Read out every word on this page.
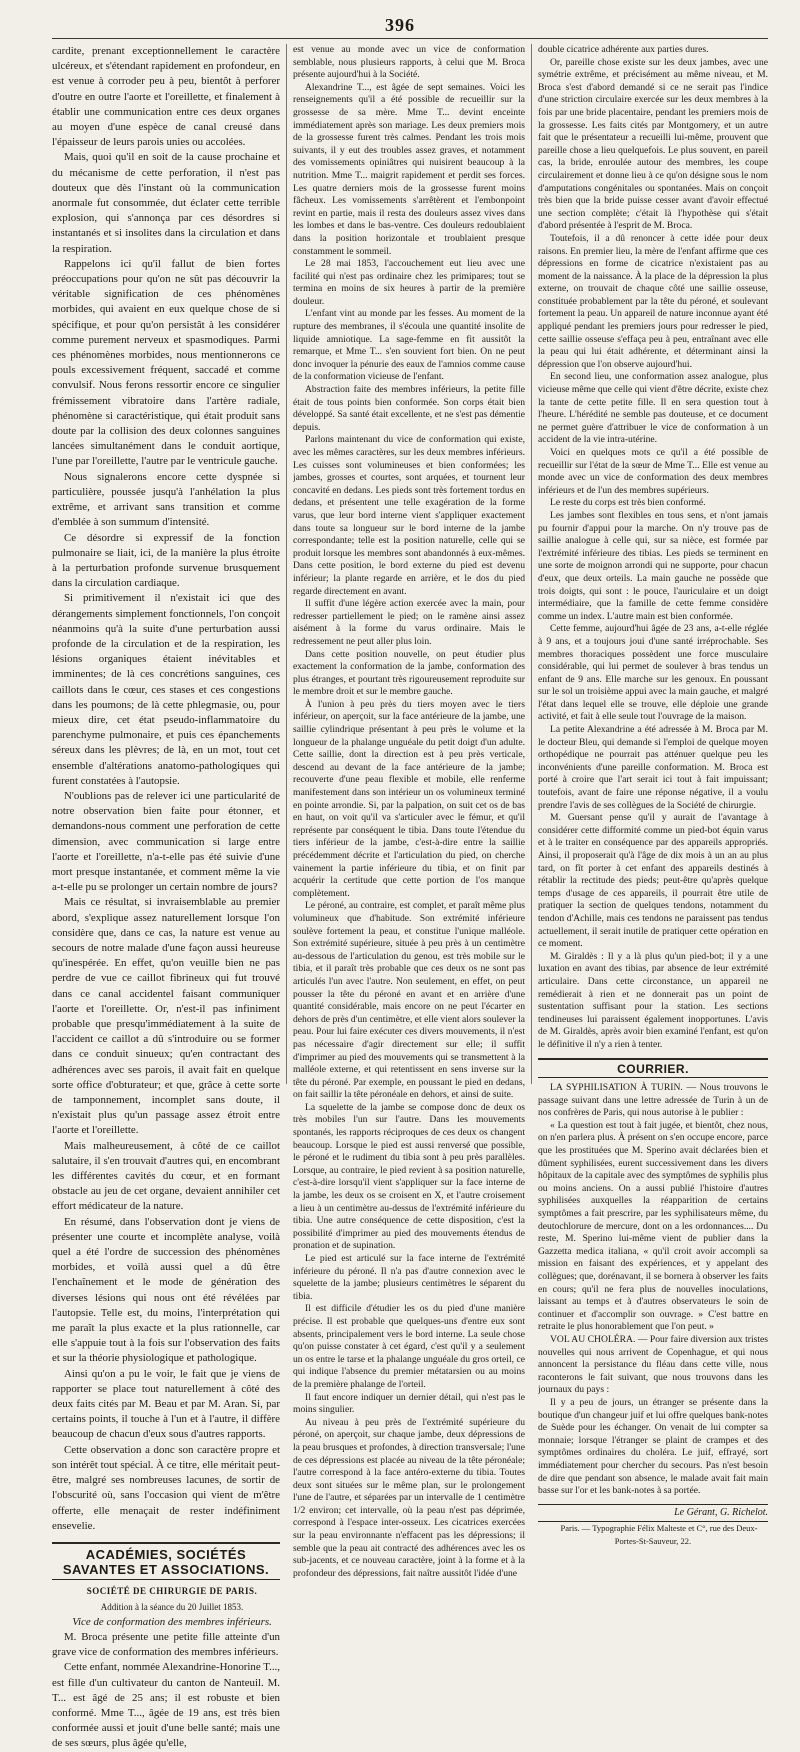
396

cardite, prenant exceptionnellement le caractère ulcéreux, et s'étendant rapidement en profondeur, en est venue à corroder peu à peu, bientôt à perforer d'outre en outre l'aorte et l'oreillette, et finalement à établir une communication entre ces deux organes au moyen d'une espèce de canal creusé dans l'épaisseur de leurs parois unies ou accolées.

Mais, quoi qu'il en soit de la cause prochaine et du mécanisme de cette perforation, il n'est pas douteux que dès l'instant où la communication anormale fut consommée, dut éclater cette terrible explosion, qui s'annonça par ces désordres si instantanés et si insolites dans la circulation et dans la respiration.

Rappelons ici qu'il fallut de bien fortes préoccupations pour qu'on ne sût pas découvrir la véritable signification de ces phénomènes morbides, qui avaient en eux quelque chose de si spécifique, et pour qu'on persistât à les considérer comme purement nerveux et spasmodiques. Parmi ces phénomènes morbides, nous mentionnerons ce pouls excessivement fréquent, saccadé et comme convulsif. Nous ferons ressortir encore ce singulier frémissement vibratoire dans l'artère radiale, phénomène si caractéristique, qui était produit sans doute par la collision des deux colonnes sanguines lancées simultanément dans le conduit aortique, l'une par l'oreillette, l'autre par le ventricule gauche.

Nous signalerons encore cette dyspnée si particulière, poussée jusqu'à l'anhélation la plus extrême, et arrivant sans transition et comme d'emblée à son summum d'intensité.

Ce désordre si expressif de la fonction pulmonaire se liait, ici, de la manière la plus étroite à la perturbation profonde survenue brusquement dans la circulation cardiaque.

Si primitivement il n'existait ici que des dérangements simplement fonctionnels, l'on conçoit néanmoins qu'à la suite d'une perturbation aussi profonde de la circulation et de la respiration, les lésions organiques étaient inévitables et imminentes; de là ces concrétions sanguines, ces caillots dans le cœur, ces stases et ces congestions dans les poumons; de là cette phlegmasie, ou, pour mieux dire, cet état pseudo-inflammatoire du parenchyme pulmonaire, et puis ces épanchements séreux dans les plèvres; de là, en un mot, tout cet ensemble d'altérations anatomo-pathologiques qui furent constatées à l'autopsie.

N'oublions pas de relever ici une particularité de notre observation bien faite pour étonner, et demandons-nous comment une perforation de cette dimension, avec communication si large entre l'aorte et l'oreillette, n'a-t-elle pas été suivie d'une mort presque instantanée, et comment même la vie a-t-elle pu se prolonger un certain nombre de jours?

Mais ce résultat, si invraisemblable au premier abord, s'explique assez naturellement lorsque l'on considère que, dans ce cas, la nature est venue au secours de notre malade d'une façon aussi heureuse qu'inespérée. En effet, qu'on veuille bien ne pas perdre de vue ce caillot fibrineux qui fut trouvé dans ce canal accidentel faisant communiquer l'aorte et l'oreillette. Or, n'est-il pas infiniment probable que presqu'immédiatement à la suite de l'accident ce caillot a dû s'introduire ou se former dans ce conduit sinueux; qu'en contractant des adhérences avec ses parois, il avait fait en quelque sorte office d'obturateur; et que, grâce à cette sorte de tamponnement, incomplet sans doute, il n'existait plus qu'un passage assez étroit entre l'aorte et l'oreillette.

Mais malheureusement, à côté de ce caillot salutaire, il s'en trouvait d'autres qui, en encombrant les différentes cavités du cœur, et en formant obstacle au jeu de cet organe, devaient annihiler cet effort médicateur de la nature.

En résumé, dans l'observation dont je viens de présenter une courte et incomplète analyse, voilà quel a été l'ordre de succession des phénomènes morbides, et voilà aussi quel a dû être l'enchaînement et le mode de génération des diverses lésions qui nous ont été révélées par l'autopsie. Telle est, du moins, l'interprétation qui me paraît la plus exacte et la plus rationnelle, car elle s'appuie tout à la fois sur l'observation des faits et sur la théorie physiologique et pathologique.

Ainsi qu'on a pu le voir, le fait que je viens de rapporter se place tout naturellement à côté des deux faits cités par M. Beau et par M. Aran. Si, par certains points, il touche à l'un et à l'autre, il diffère beaucoup de chacun d'eux sous d'autres rapports.

Cette observation a donc son caractère propre et son intérêt tout spécial. À ce titre, elle méritait peut-être, malgré ses nombreuses lacunes, de sortir de l'obscurité où, sans l'occasion qui vient de m'être offerte, elle menaçait de rester indéfiniment ensevelie.

ACADÉMIES, SOCIÉTÉS SAVANTES ET ASSOCIATIONS.

SOCIÉTÉ DE CHIRURGIE DE PARIS.

Addition à la séance du 20 Juillet 1853.

Vice de conformation des membres inférieurs.

M. Broca présente une petite fille atteinte d'un grave vice de conformation des membres inférieurs.

Cette enfant, nommée Alexandrine-Honorine T..., est fille d'un cultivateur du canton de Nanteuil. M. T... est âgé de 25 ans; il est robuste et bien conformé. Mme T..., âgée de 19 ans, est très bien conformée aussi et jouit d'une belle santé; mais une de ses sœurs, plus âgée qu'elle,

est venue au monde avec un vice de conformation semblable, nous plusieurs rapports, à celui que M. Broca présente aujourd'hui à la Société.

Alexandrine T..., est âgée de sept semaines. Voici les renseignements qu'il a été possible de recueillir sur la grossesse de sa mère. Mme T... devint enceinte immédiatement après son mariage. Les deux premiers mois de la grossesse furent très calmes. Pendant les trois mois suivants, il y eut des troubles assez graves, et notamment des vomissements opiniâtres qui nuisirent beaucoup à la nutrition. Mme T... maigrit rapidement et perdit ses forces. Les quatre derniers mois de la grossesse furent moins fâcheux. Les vomissements s'arrêtèrent et l'embonpoint revint en partie, mais il resta des douleurs assez vives dans les lombes et dans le bas-ventre. Ces douleurs redoublaient dans la position horizontale et troublaient presque constamment le sommeil.

Le 28 mai 1853, l'accouchement eut lieu avec une facilité qui n'est pas ordinaire chez les primipares; tout se termina en moins de six heures à partir de la première douleur.

L'enfant vint au monde par les fesses. Au moment de la rupture des membranes, il s'écoula une quantité insolite de liquide amniotique. La sage-femme en fit aussitôt la remarque, et Mme T... s'en souvient fort bien. On ne peut donc invoquer la pénurie des eaux de l'amnios comme cause de la conformation vicieuse de l'enfant.

Abstraction faite des membres inférieurs, la petite fille était de tous points bien conformée. Son corps était bien développé. Sa santé était excellente, et ne s'est pas démentie depuis.

Parlons maintenant du vice de conformation qui existe, avec les mêmes caractères, sur les deux membres inférieurs. Les cuisses sont volumineuses et bien conformées; les jambes, grosses et courtes, sont arquées, et tournent leur concavité en dedans. Les pieds sont très fortement tordus en dedans, et présentent une telle exagération de la forme varus, que leur bord interne vient s'appliquer exactement dans toute sa longueur sur le bord interne de la jambe correspondante; telle est la position naturelle, celle qui se produit lorsque les membres sont abandonnés à eux-mêmes. Dans cette position, le bord externe du pied est devenu inférieur; la plante regarde en arrière, et le dos du pied regarde directement en avant.

Il suffit d'une légère action exercée avec la main, pour redresser partiellement le pied; on le ramène ainsi assez aisément à la forme du varus ordinaire. Mais le redressement ne peut aller plus loin.

Dans cette position nouvelle, on peut étudier plus exactement la conformation de la jambe, conformation des plus étranges, et pourtant très rigoureusement reproduite sur le membre droit et sur le membre gauche.

À l'union à peu près du tiers moyen avec le tiers inférieur, on aperçoit, sur la face antérieure de la jambe, une saillie cylindrique présentant à peu près le volume et la longueur de la phalange unguéale du petit doigt d'un adulte. Cette saillie, dont la direction est à peu près verticale, descend au devant de la face antérieure de la jambe; recouverte d'une peau flexible et mobile, elle renferme manifestement dans son intérieur un os volumineux terminé en pointe arrondie. Si, par la palpation, on suit cet os de bas en haut, on voit qu'il va s'articuler avec le fémur, et qu'il représente par conséquent le tibia. Dans toute l'étendue du tiers inférieur de la jambe, c'est-à-dire entre la saillie précédemment décrite et l'articulation du pied, on cherche vainement la partie inférieure du tibia, et on finit par acquérir la certitude que cette portion de l'os manque complètement.

Le péroné, au contraire, est complet, et paraît même plus volumineux que d'habitude. Son extrémité inférieure soulève fortement la peau, et constitue l'unique malléole. Son extrémité supérieure, située à peu près à un centimètre au-dessous de l'articulation du genou, est très mobile sur le tibia, et il paraît très probable que ces deux os ne sont pas articulés l'un avec l'autre. Non seulement, en effet, on peut pousser la tête du péroné en avant et en arrière d'une quantité considérable, mais encore on ne peut l'écarter en dehors de près d'un centimètre, et elle vient alors soulever la peau. Pour lui faire exécuter ces divers mouvements, il n'est pas nécessaire d'agir directement sur elle; il suffit d'imprimer au pied des mouvements qui se transmettent à la malléole externe, et qui retentissent en sens inverse sur la tête du péroné. Par exemple, en poussant le pied en dedans, on fait saillir la tête péronéale en dehors, et ainsi de suite.

La squelette de la jambe se compose donc de deux os très mobiles l'un sur l'autre. Dans les mouvements spontanés, les rapports réciproques de ces deux os changent beaucoup. Lorsque le pied est aussi renversé que possible, le péroné et le rudiment du tibia sont à peu près parallèles. Lorsque, au contraire, le pied revient à sa position naturelle, c'est-à-dire lorsqu'il vient s'appliquer sur la face interne de la jambe, les deux os se croisent en X, et l'autre croisement a lieu à un centimètre au-dessus de l'extrémité inférieure du tibia. Une autre conséquence de cette disposition, c'est la possibilité d'imprimer au pied des mouvements étendus de pronation et de supination.

Le pied est articulé sur la face interne de l'extrémité inférieure du péroné. Il n'a pas d'autre connexion avec le squelette de la jambe; plusieurs centimètres le séparent du tibia.

Il est difficile d'étudier les os du pied d'une manière précise. Il est probable que quelques-uns d'entre eux sont absents, principalement vers le bord interne. La seule chose qu'on puisse constater à cet égard, c'est qu'il y a seulement un os entre le tarse et la phalange unguéale du gros orteil, ce qui indique l'absence du premier métatarsien ou au moins de la première phalange de l'orteil.

Il faut encore indiquer un dernier détail, qui n'est pas le moins singulier.

Au niveau à peu près de l'extrémité supérieure du péroné, on aperçoit, sur chaque jambe, deux dépressions de la peau brusques et profondes, à direction transversale; l'une de ces dépressions est placée au niveau de la tête péronéale; l'autre correspond à la face antéro-externe du tibia. Toutes deux sont situées sur le même plan, sur le prolongement l'une de l'autre, et séparées par un intervalle de 1 centimètre 1/2 environ; cet intervalle, où la peau n'est pas déprimée, correspond à l'espace inter-osseux. Les cicatrices exercées sur la peau environnante n'effacent pas les dépressions; il semble que la peau ait contracté des adhérences avec les os sub-jacents, et ce nouveau caractère, joint à la forme et à la profondeur des dépressions, fait naître aussitôt l'idée d'une

double cicatrice adhérente aux parties dures.

Or, pareille chose existe sur les deux jambes, avec une symétrie extrême, et précisément au même niveau, et M. Broca s'est d'abord demandé si ce ne serait pas l'indice d'une striction circulaire exercée sur les deux membres à la fois par une bride placentaire, pendant les premiers mois de la grossesse. Les faits cités par Montgomery, et un autre fait que le présentateur a recueilli lui-même, prouvent que pareille chose a lieu quelquefois. Le plus souvent, en pareil cas, la bride, enroulée autour des membres, les coupe circulairement et donne lieu à ce qu'on désigne sous le nom d'amputations congénitales ou spontanées. Mais on conçoit très bien que la bride puisse cesser avant d'avoir effectué une section complète; c'était là l'hypothèse qui s'était d'abord présentée à l'esprit de M. Broca.

Toutefois, il a dû renoncer à cette idée pour deux raisons. En premier lieu, la mère de l'enfant affirme que ces dépressions en forme de cicatrice n'existaient pas au moment de la naissance. À la place de la dépression la plus externe, on trouvait de chaque côté une saillie osseuse, constituée probablement par la tête du péroné, et soulevant fortement la peau. Un appareil de nature inconnue ayant été appliqué pendant les premiers jours pour redresser le pied, cette saillie osseuse s'effaça peu à peu, entraînant avec elle la peau qui lui était adhérente, et déterminant ainsi la dépression que l'on observe aujourd'hui.

En second lieu, une conformation assez analogue, plus vicieuse même que celle qui vient d'être décrite, existe chez la tante de cette petite fille. Il en sera question tout à l'heure. L'hérédité ne semble pas douteuse, et ce document ne permet guère d'attribuer le vice de conformation à un accident de la vie intra-utérine.

Voici en quelques mots ce qu'il a été possible de recueillir sur l'état de la sœur de Mme T... Elle est venue au monde avec un vice de conformation des deux membres inférieurs et de l'un des membres supérieurs.

Le reste du corps est très bien conformé.

Les jambes sont flexibles en tous sens, et n'ont jamais pu fournir d'appui pour la marche. On n'y trouve pas de saillie analogue à celle qui, sur sa nièce, est formée par l'extrémité inférieure des tibias. Les pieds se terminent en une sorte de moignon arrondi qui ne supporte, pour chacun d'eux, que deux orteils. La main gauche ne possède que trois doigts, qui sont : le pouce, l'auriculaire et un doigt intermédiaire, que la famille de cette femme considère comme un index. L'autre main est bien conformée.

Cette femme, aujourd'hui âgée de 23 ans, a-t-elle réglée à 9 ans, et a toujours joui d'une santé irréprochable. Ses membres thoraciques possèdent une force musculaire considérable, qui lui permet de soulever à bras tendus un enfant de 9 ans. Elle marche sur les genoux. En poussant sur le sol un troisième appui avec la main gauche, et malgré l'état dans lequel elle se trouve, elle déploie une grande activité, et fait à elle seule tout l'ouvrage de la maison.

La petite Alexandrine a été adressée à M. Broca par M. le docteur Bleu, qui demande si l'emploi de quelque moyen orthopédique ne pourrait pas atténuer quelque peu les inconvénients d'une pareille conformation. M. Broca est porté à croire que l'art serait ici tout à fait impuissant; toutefois, avant de faire une réponse négative, il a voulu prendre l'avis de ses collègues de la Société de chirurgie.

M. Guersant pense qu'il y aurait de l'avantage à considérer cette difformité comme un pied-bot équin varus et à le traiter en conséquence par des appareils appropriés. Ainsi, il proposerait qu'à l'âge de dix mois à un an au plus tard, on fît porter à cet enfant des appareils destinés à rétablir la rectitude des pieds; peut-être qu'après quelque temps d'usage de ces appareils, il pourrait être utile de pratiquer la section de quelques tendons, notamment du tendon d'Achille, mais ces tendons ne paraissent pas tendus actuellement, il serait inutile de pratiquer cette opération en ce moment.

M. Giraldès : Il y a là plus qu'un pied-bot; il y a une luxation en avant des tibias, par absence de leur extrémité articulaire. Dans cette circonstance, un appareil ne remédierait à rien et ne donnerait pas un point de sustentation suffisant pour la station. Les sections tendineuses lui paraissent également inopportunes. L'avis de M. Giraldès, après avoir bien examiné l'enfant, est qu'on le définitive il n'y a rien à tenter.

COURRIER.

LA SYPHILISATION À TURIN. — Nous trouvons le passage suivant dans une lettre adressée de Turin à un de nos confrères de Paris, qui nous autorise à le publier :

« La question est tout à fait jugée, et bientôt, chez nous, on n'en parlera plus. À présent on s'en occupe encore, parce que les prostituées que M. Sperino avait déclarées bien et dûment syphilisées, eurent successivement dans les divers hôpitaux de la capitale avec des symptômes de syphilis plus ou moins anciens. On a aussi publié l'histoire d'autres syphilisées auxquelles la réapparition de certains symptômes a fait prescrire, par les syphilisateurs même, du deutochlorure de mercure, dont on a les ordonnances.... Du reste, M. Sperino lui-même vient de publier dans la Gazzetta medica italiana, « qu'il croit avoir accompli sa mission en faisant des expériences, et y appelant des collègues; que, dorénavant, il se bornera à observer les faits en cours; qu'il ne fera plus de nouvelles inoculations, laissant au temps et à d'autres observateurs le soin de continuer et d'accomplir son ouvrage. » C'est battre en retraite le plus honorablement que l'on peut. »

VOL AU CHOLÉRA. — Pour faire diversion aux tristes nouvelles qui nous arrivent de Copenhague, et qui nous annoncent la persistance du fléau dans cette ville, nous raconterons le fait suivant, que nous trouvons dans les journaux du pays :

Il y a peu de jours, un étranger se présente dans la boutique d'un changeur juif et lui offre quelques bank-notes de Suède pour les échanger. On venait de lui compter sa monnaie; lorsque l'étranger se plaint de crampes et des symptômes ordinaires du choléra. Le juif, effrayé, sort immédiatement pour chercher du secours. Pas n'est besoin de dire que pendant son absence, le malade avait fait main basse sur l'or et les bank-notes à sa portée.

Le Gérant, G. Richelot.

Paris. — Typographie Félix Malteste et C°, rue des Deux-Portes-St-Sauveur, 22.
